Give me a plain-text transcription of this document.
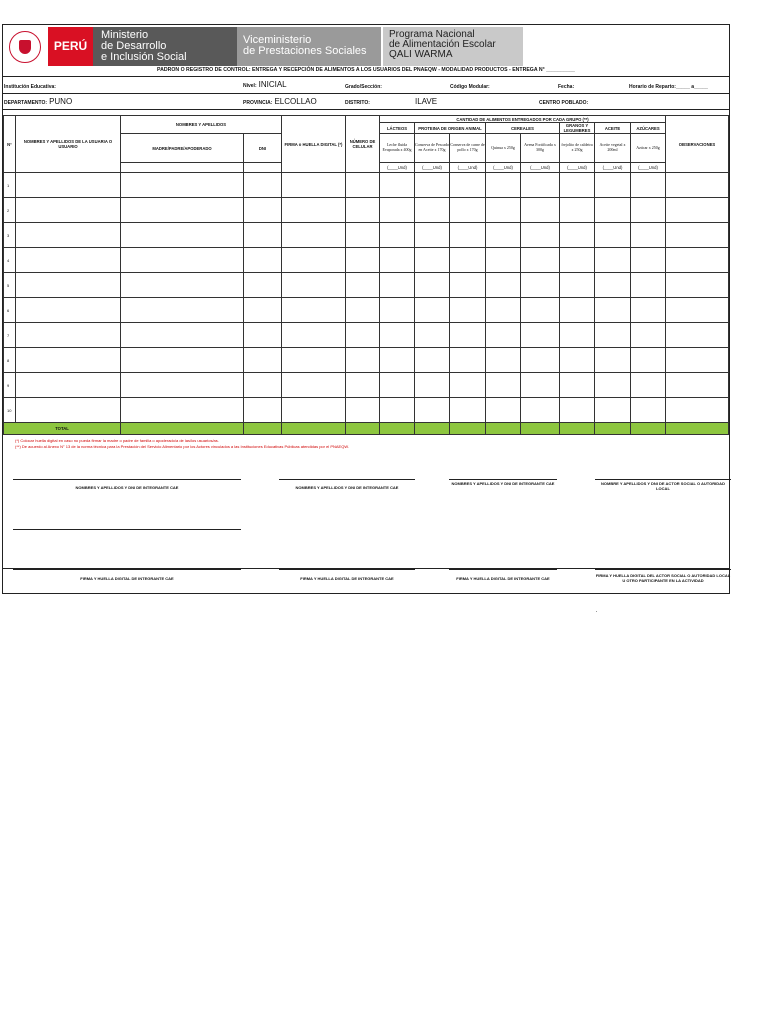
PERÚ
Ministerio
de Desarrollo
e Inclusión Social
Viceministerio
de Prestaciones Sociales
Programa Nacional
de Alimentación Escolar
QALI WARMA
PADRON O REGISTRO DE CONTROL: ENTREGA Y RECEPCIÓN DE ALIMENTOS A LOS USUARIOS DEL PNAEQW - MODALIDAD PRODUCTOS - ENTREGA N° __________
Institución Educativa:	Nivel: INICIAL	Grado/Sección:	Código Modular:	Fecha:	Horario de Reparto:_____ a_____
DEPARTAMENTO: PUNO	PROVINCIA: ELCOLLAO	DISTRITO:	ILAVE	CENTRO POBLADO:
N°	NOMBRES Y APELLIDOS DE LA USUARIA O USUARIO	NOMBRES Y APELLIDOS		FIRMA o HUELLA DIGITAL (*)	NÚMERO DE CELULAR	CANTIDAD DE ALIMENTOS ENTREGADOS POR CADA GRUPO (**)								OBSERVACIONES
						LÁCTEOS	PROTEINA DE ORIGEN ANIMAL		CEREALES		GRANOS Y LEGUMBRES	ACEITE	AZÚCARES	
		MADRE/PADRE/APODERADO	DNI			Leche fluida Evaporada x 400g	Conserva de Pescado en Aceite x 170g	Conserva de carne de pollo x 170g	Quinua x 250g	Avena Fortificada x 300g	frejolito de caldeira x 250g	Aceite vegetal x 200ml	Azúcar x 250g	
						(____Und)	(____Und)	(____Und)	(____Und)	(____Und)	(____Und)	(____Und)	(____Und)	
1														
2														
3														
4														
5														
6														
7														
8														
9														
10														
TOTAL														
(*) Colocar huella digital en caso no pueda firmar la madre o padre de familia o apoderado/a de las/los usuarios/as.
(**) De acuerdo al Anexo N° 13 de la norma técnica para la Prestación del Servicio Alimentario por los Actores vinculados a las Instituciones Educativas Públicas atendidas por el PNAEQW.
NOMBRES Y APELLIDOS Y DNI DE INTEGRANTE CAE	NOMBRES Y APELLIDOS Y DNI DE INTEGRANTE CAE
NOMBRES Y APELLIDOS Y DNI DE INTEGRANTE CAE	NOMBRE Y APELLIDOS Y DNI DE ACTOR SOCIAL O AUTORIDAD LOCAL
FIRMA Y HUELLA DIGITAL DE INTEGRANTE CAE	FIRMA Y HUELLA DIGITAL DE INTEGRANTE CAE	FIRMA Y HUELLA DIGITAL DE INTEGRANTE CAE
FIRMA Y HUELLA DIGITAL DEL ACTOR SOCIAL O AUTORIDAD LOCAL U OTRO PARTICIPANTE EN LA ACTIVIDAD
